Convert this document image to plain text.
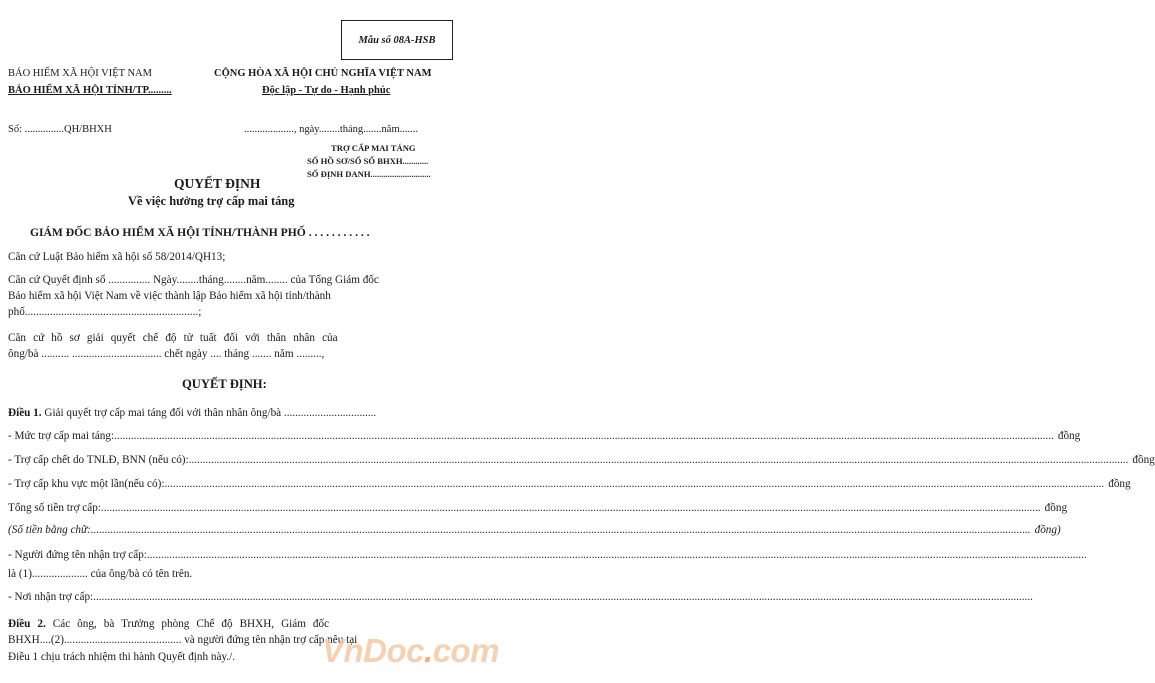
Mẫu số 08A-HSB
BẢO HIỂM XÃ HỘI VIỆT NAM
BẢO HIỂM XÃ HỘI TỈNH/TP.........
CỘNG HÒA XÃ HỘI CHỦ NGHĨA VIỆT NAM
Độc lập - Tự do - Hạnh phúc
Số: ...............QH/BHXH	..................., ngày........tháng.......năm.......
TRỢ CẤP MAI TÁNG
SỐ HỒ SƠ/SỐ SỔ BHXH............
SỐ ĐỊNH DANH............................
QUYẾT ĐỊNH
Về việc hưởng trợ cấp mai táng
GIÁM ĐỐC BẢO HIỂM XÃ HỘI TỈNH/THÀNH PHỐ . . . . . . . . . . .
Căn cứ Luật Bảo hiểm xã hội số 58/2014/QH13;
Căn cứ Quyết định số ............... Ngày........tháng........năm........ của Tổng Giám đốc
Bảo hiểm xã hội Việt Nam về việc thành lập Bảo hiểm xã hội tỉnh/thành
phố..............................................................;
Căn cứ hồ sơ giải quyết chế độ tử tuất đối với thân nhân của
ông/bà .......... ................................ chết ngày .... tháng ....... năm .........,
QUYẾT ĐỊNH:
Điều 1. Giải quyết trợ cấp mai táng đối với thân nhân ông/bà .................................
- Mức trợ cấp mai táng: .....	đồng
- Trợ cấp chết do TNLĐ, BNN (nếu có): .....	đồng
- Trợ cấp khu vực một lần(nếu có): .....	đồng
Tổng số tiền trợ cấp: .....	đồng
(Số tiền bằng chữ: .....	đồng)
- Người đứng tên nhận trợ cấp:
.....
là (1).................... của ông/bà có tên trên.
- Nơi nhận trợ cấp:
.....
Điều 2. Các ông, bà Trưởng phòng Chế độ BHXH, Giám đốc
BHXH....(2).......................................... và người đứng tên nhận trợ cấp nêu tại
Điều 1 chịu trách nhiệm thi hành Quyết định này./.	VnDoc.com
